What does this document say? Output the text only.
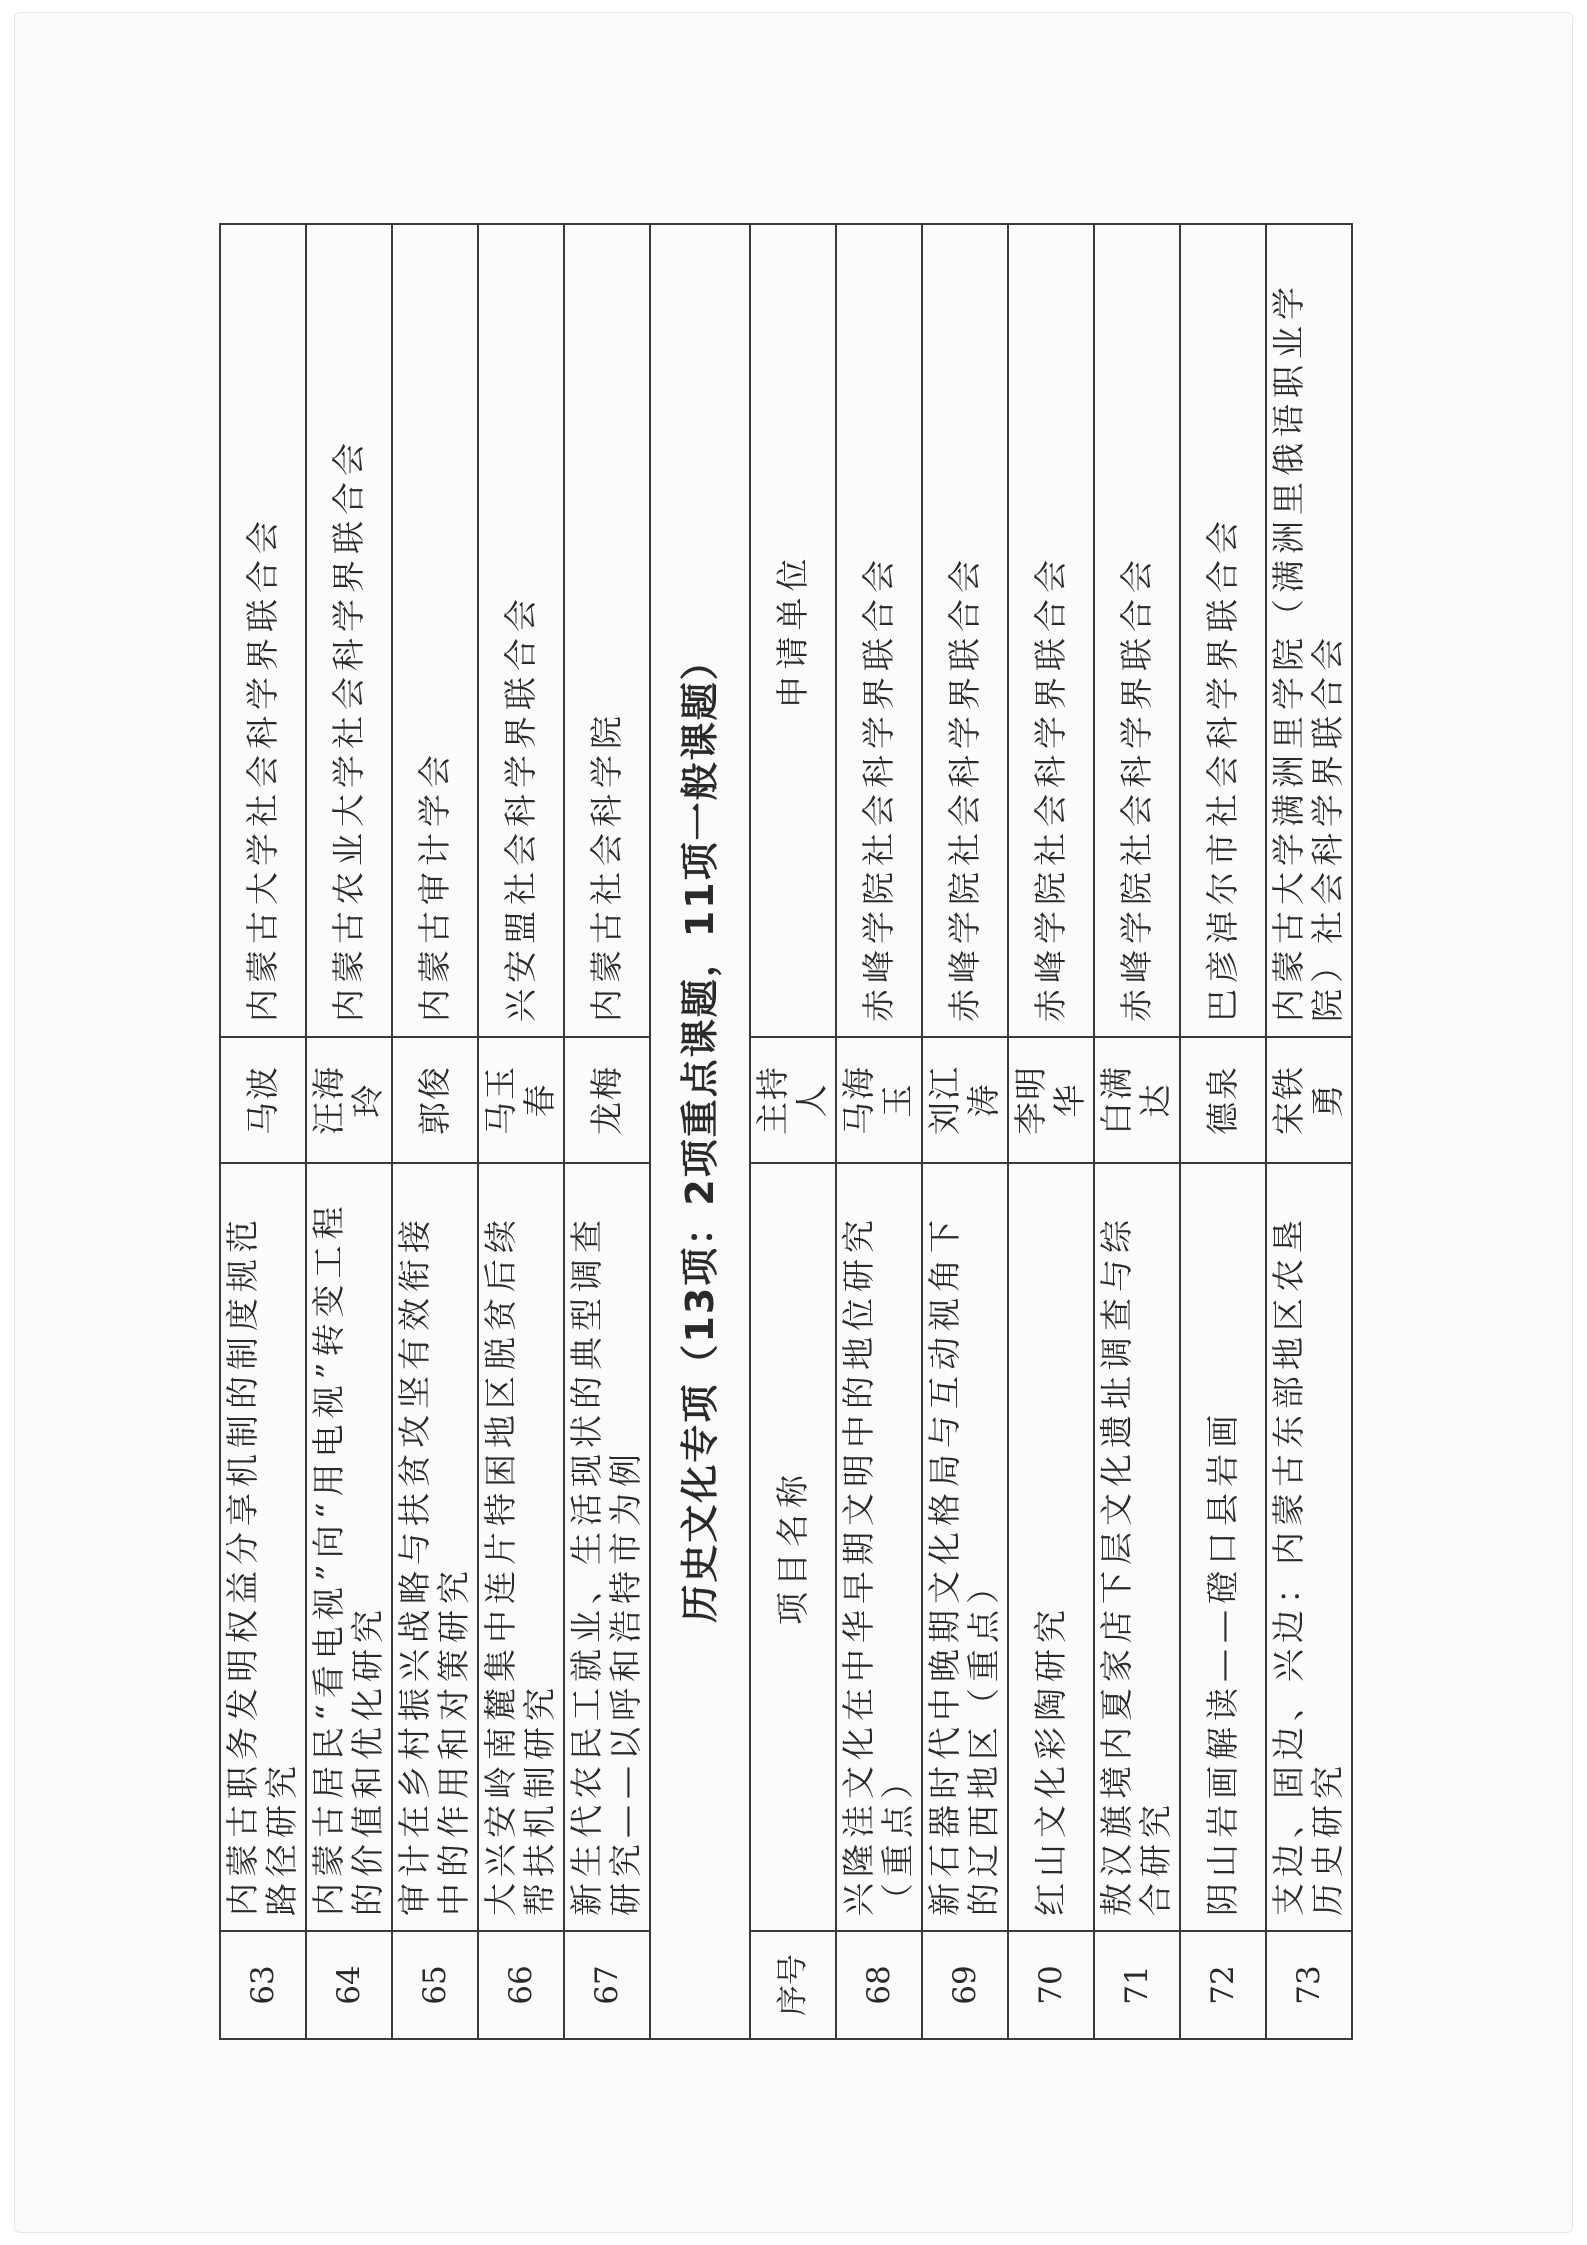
63	内蒙古职务发明权益分享机制的制度规范路径研究	马波	内蒙古大学社会科学界联合会
64	内蒙古居民“看电视”向“用电视”转变工程的价值和优化研究	汪海玲	内蒙古农业大学社会科学界联合会
65	审计在乡村振兴战略与扶贫攻坚有效衔接中的作用和对策研究	郭俊	内蒙古审计学会
66	大兴安岭南麓集中连片特困地区脱贫后续帮扶机制研究	马玉春	兴安盟社会科学界联合会
67	新生代农民工就业、生活现状的典型调查研究——以呼和浩特市为例	龙梅	内蒙古社会科学院
历史文化专项（13项：2项重点课题，11项一般课题）			
序号	项目名称	主持人	申请单位
68	兴隆洼文化在中华早期文明中的地位研究（重点）	马海玉	赤峰学院社会科学界联合会
69	新石器时代中晚期文化格局与互动视角下的辽西地区（重点）	刘江涛	赤峰学院社会科学界联合会
70	红山文化彩陶研究	李明华	赤峰学院社会科学界联合会
71	敖汉旗境内夏家店下层文化遗址调查与综合研究	白满达	赤峰学院社会科学界联合会
72	阴山岩画解读——磴口县岩画	德泉	巴彦淖尔市社会科学界联合会
73	支边、固边、兴边：内蒙古东部地区农垦历史研究	宋铁勇	内蒙古大学满洲里学院（满洲里俄语职业学院）社会科学界联合会
